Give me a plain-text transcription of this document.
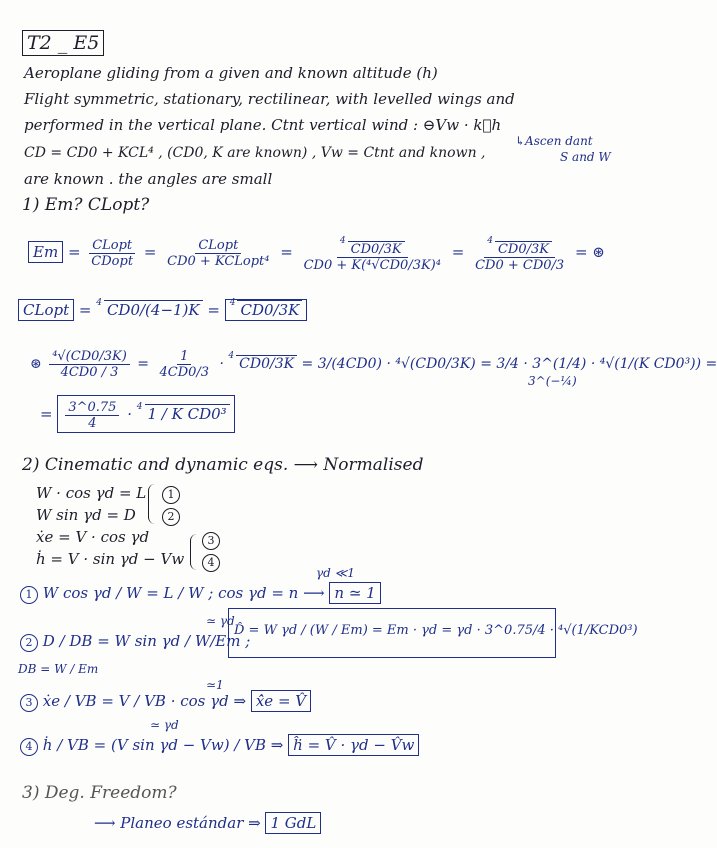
T2 _ E5
Aeroplane gliding from a given and known altitude (h)
Flight symmetric, stationary, rectilinear, with levelled wings and
performed in the vertical plane. Ctnt vertical wind : ⊖Vw · k⃗h
↳Ascen dant
CD = CD0 + KCL⁴ , (CD0, K are known) , Vw = Ctnt and known ,	S and W
are known . the angles are small
1) Em? CLopt?
$Em = \frac{\text{CLopt}}{\text{CDopt}} = \frac{\text{CLopt}}{\text{CD0 + KCLopt⁴}} = \frac{^4CD0/3K}{\text{CD0 + K(⁴√CD0/3K)⁴}} = \frac{^4CD0/3K}{CD0 + CD0/3}$ = ⊛
CLopt = $^4$ CD0/(4−1)K = $^4$ CD0/3K
⊛ $\frac{\text{⁴√(CD0/3K)}}{4CD0 / 3} = \frac{1}{4CD0/3} \cdot ^4$ CD0/3K = 3/(4CD0) · ⁴√(CD0/3K) = 3/4 · 3^(1/4) · ⁴√(1/(K CD0³)) =
3^(−¼)
= $\frac{3\^{}0.75}{4} \cdot ^4$ 1 / K CD0³
2) Cinematic and dynamic eqs. ⟶ Normalised
W · cos γd = L
W sin γd = D
1
2
ẋe = V · cos γd
ḣ = V · sin γd − Vw
3
4
γd ≪1
1 W cos γd / W = L / W ; cos γd = n ⟶ n ≃ 1
≃ γd
2 D / DB = W sin γd / W/Em ;
D̂ = W γd / (W / Em) = Em · γd = γd · 3^0.75/4 · ⁴√(1/KCD0³)
DB = W / Em
≃1
3 ẋe / VB = V / VB · cos γd ⇒ x̂̇e = V̂
≃ γd
4 ḣ / VB = (V sin γd − Vw) / VB ⇒ ĥ̇ = V̂ · γd − V̂w
3) Deg. Freedom?
⟶ Planeo estándar ⇒ 1 GdL
